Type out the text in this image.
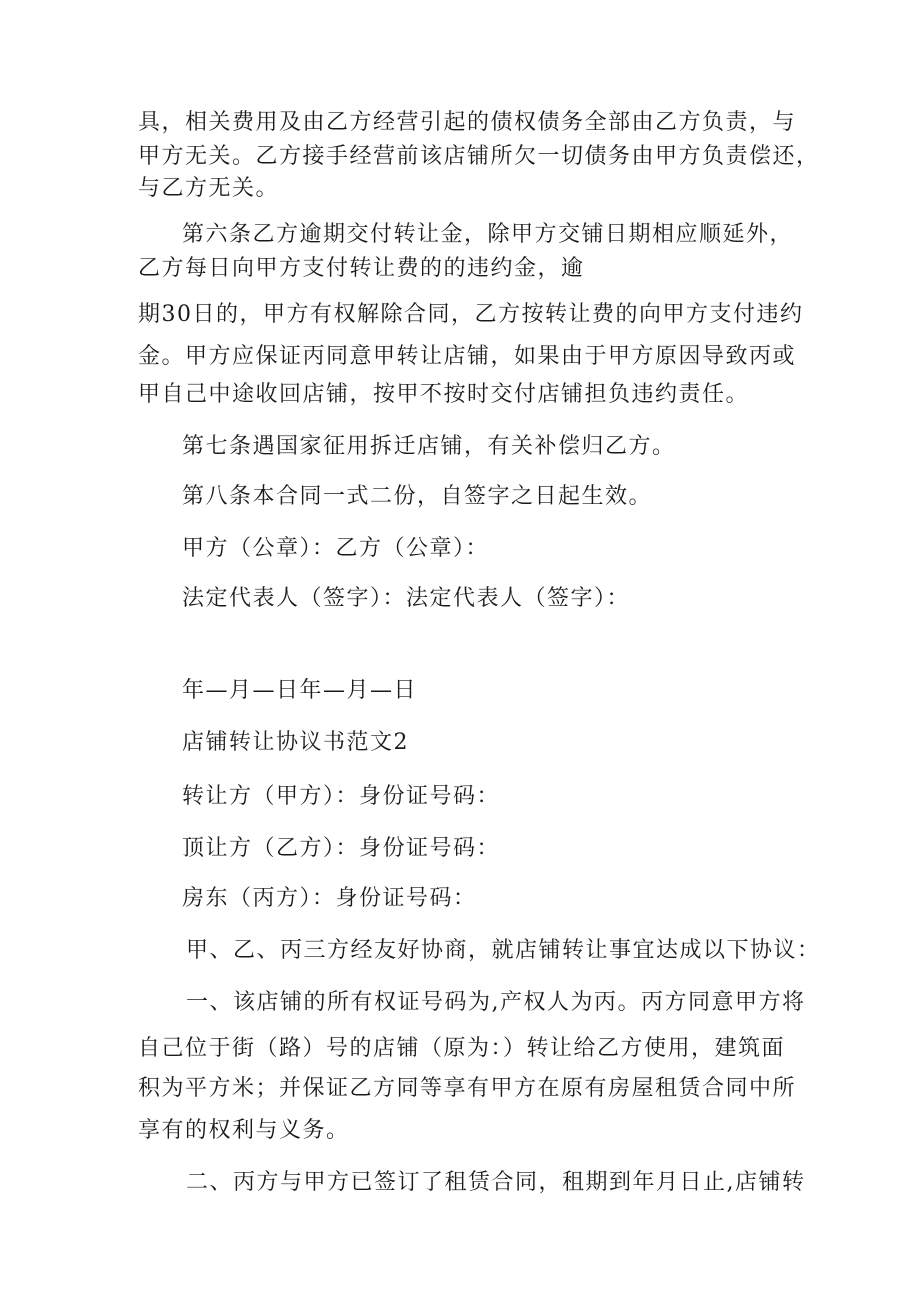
具，相关费用及由乙方经营引起的债权债务全部由乙方负责，与
甲方无关。乙方接手经营前该店铺所欠一切债务由甲方负责偿还，
与乙方无关。
第六条乙方逾期交付转让金，除甲方交铺日期相应顺延外，
乙方每日向甲方支付转让费的的违约金，逾
期30日的，甲方有权解除合同，乙方按转让费的向甲方支付违约
金。甲方应保证丙同意甲转让店铺，如果由于甲方原因导致丙或
甲自己中途收回店铺，按甲不按时交付店铺担负违约责任。
第七条遇国家征用拆迁店铺，有关补偿归乙方。
第八条本合同一式二份，自签字之日起生效。
甲方（公章）：乙方（公章）：
法定代表人（签字）：法定代表人（签字）：
年—月—日年—月—日
店铺转让协议书范文2
转让方（甲方）：身份证号码：
顶让方（乙方）：身份证号码：
房东（丙方）：身份证号码：
甲、乙、丙三方经友好协商，就店铺转让事宜达成以下协议：
一、该店铺的所有权证号码为,产权人为丙。丙方同意甲方将
自己位于街（路）号的店铺（原为：）转让给乙方使用，建筑面
积为平方米；并保证乙方同等享有甲方在原有房屋租赁合同中所
享有的权利与义务。
二、丙方与甲方已签订了租赁合同，租期到年月日止,店铺转
